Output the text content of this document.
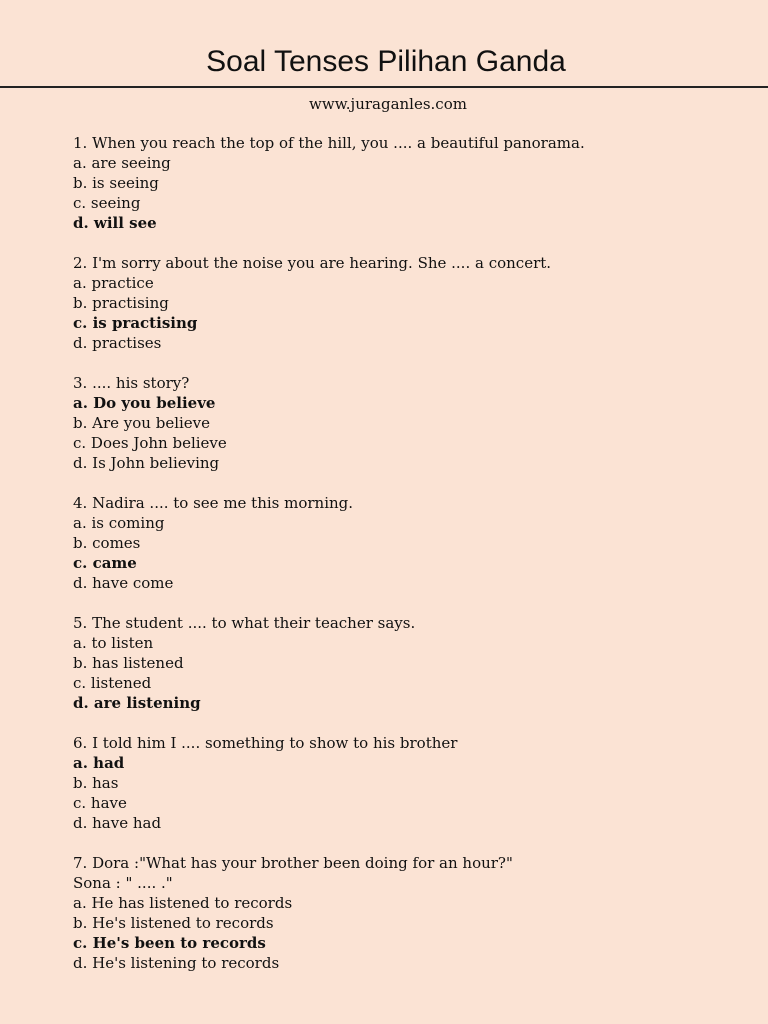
Soal Tenses Pilihan Ganda
www.juraganles.com
1. When you reach the top of the hill, you .... a beautiful panorama.
a. are seeing
b. is seeing
c. seeing
d. will see
2. I'm sorry about the noise you are hearing. She .... a concert.
a. practice
b. practising
c. is practising
d. practises
3. .... his story?
a. Do you believe
b. Are you believe
c. Does John believe
d. Is John believing
4. Nadira .... to see me this morning.
a. is coming
b. comes
c. came
d. have come
5. The student .... to what their teacher says.
a. to listen
b. has listened
c. listened
d. are listening
6. I told him I .... something to show to his brother
a. had
b. has
c. have
d. have had
7. Dora :"What has your brother been doing for an hour?"
Sona : " .... ."
a. He has listened to records
b. He's listened to records
c. He's been to records
d. He's listening to records
